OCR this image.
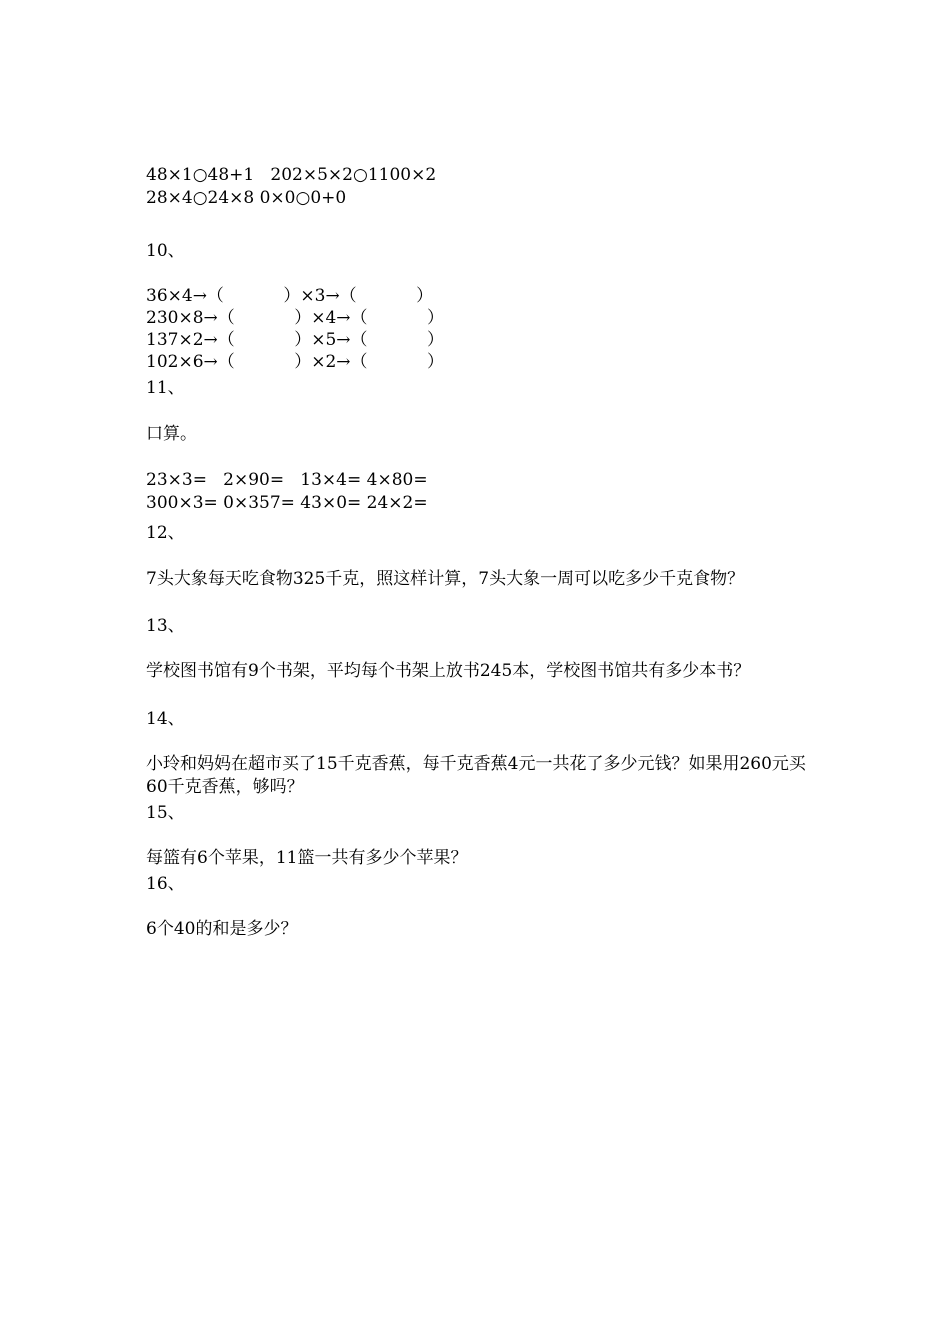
48×1○48+1   202×5×2○1100×2
28×4○24×8 0×0○0+0
10、
36×4→（           ）×3→（           ）
230×8→（           ）×4→（           ）
137×2→（           ）×5→（           ）
102×6→（           ）×2→（           ）
11、
口算。
23×3=   2×90=   13×4= 4×80=
300×3= 0×357= 43×0= 24×2=
12、
7头大象每天吃食物325千克，照这样计算，7头大象一周可以吃多少千克食物？
13、
学校图书馆有9个书架，平均每个书架上放书245本，学校图书馆共有多少本书？
14、
小玲和妈妈在超市买了15千克香蕉，每千克香蕉4元一共花了多少元钱？如果用260元买60千克香蕉，够吗？
15、
每篮有6个苹果，11篮一共有多少个苹果？
16、
6个40的和是多少？
